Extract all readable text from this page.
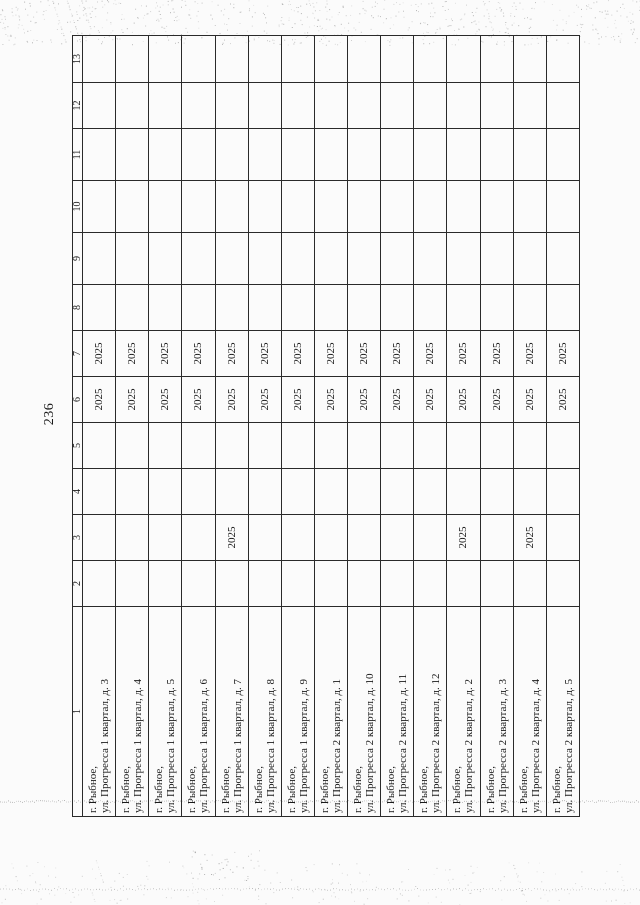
236
1	2	3	4	5	6	7	8	9	10	11	12	13

г. Рыбное, ул. Прогресса 1 квартал, д. 3					2025	2025						

г. Рыбное, ул. Прогресса 1 квартал, д. 4					2025	2025						

г. Рыбное, ул. Прогресса 1 квартал, д. 5					2025	2025						

г. Рыбное, ул. Прогресса 1 квартал, д. 6					2025	2025						

г. Рыбное, ул. Прогресса 1 квартал, д. 7		2025			2025	2025						

г. Рыбное, ул. Прогресса 1 квартал, д. 8					2025	2025						

г. Рыбное, ул. Прогресса 1 квартал, д. 9					2025	2025						

г. Рыбное, ул. Прогресса 2 квартал, д. 1					2025	2025						

г. Рыбное, ул. Прогресса 2 квартал, д. 10					2025	2025						

г. Рыбное, ул. Прогресса 2 квартал, д. 11					2025	2025						

г. Рыбное, ул. Прогресса 2 квартал, д. 12					2025	2025						

г. Рыбное, ул. Прогресса 2 квартал, д. 2		2025			2025	2025						

г. Рыбное, ул. Прогресса 2 квартал, д. 3					2025	2025						

г. Рыбное, ул. Прогресса 2 квартал, д. 4		2025			2025	2025						

г. Рыбное, ул. Прогресса 2 квартал, д. 5					2025	2025						
